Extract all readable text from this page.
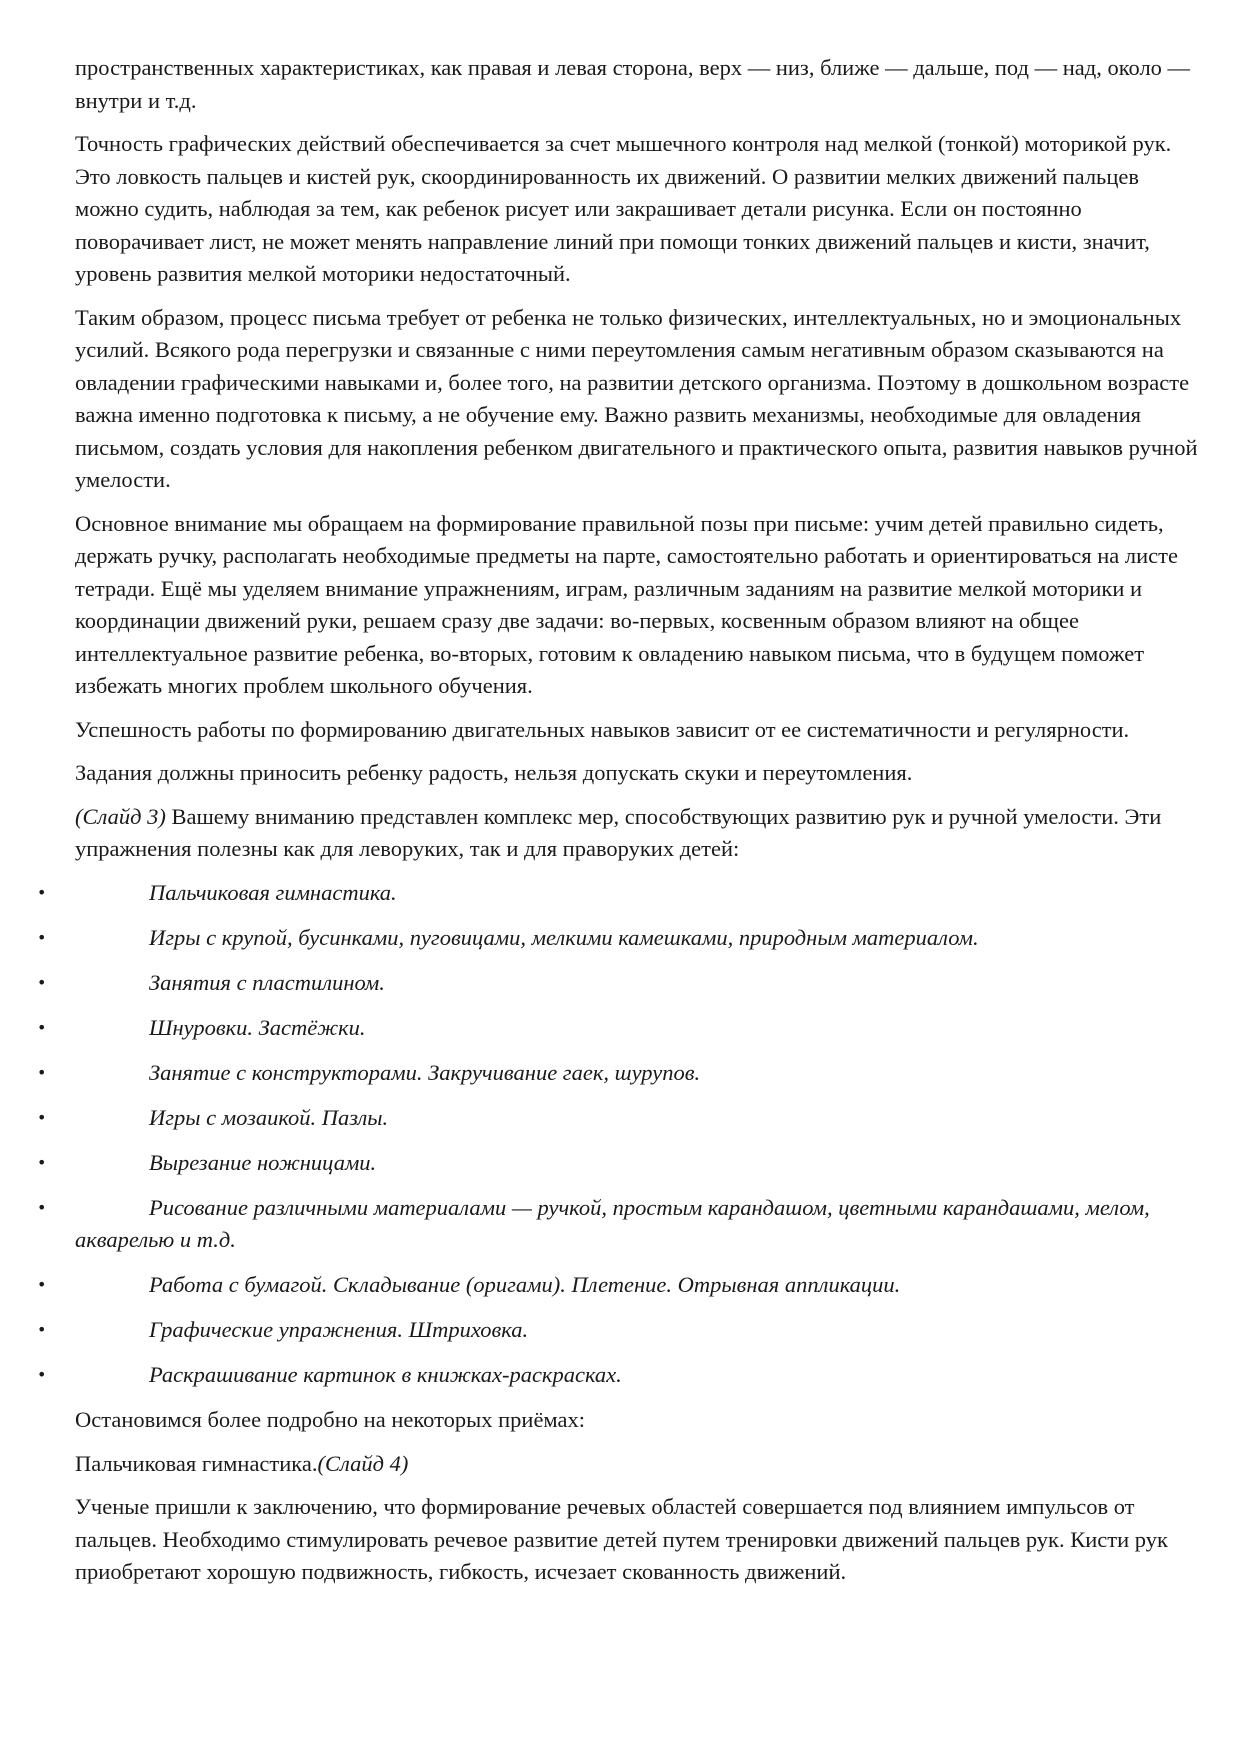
пространственных характеристиках, как правая и левая сторона, верх — низ, ближе — дальше, под — над, около — внутри и т.д.

Точность графических действий обеспечивается за счет мышечного контроля над мелкой (тонкой) моторикой рук. Это ловкость пальцев и кистей рук, скоординированность их движений. О развитии мелких движений пальцев можно судить, наблюдая за тем, как ребенок рисует или закрашивает детали рисунка. Если он постоянно поворачивает лист, не может менять направление линий при помощи тонких движений пальцев и кисти, значит, уровень развития мелкой моторики недостаточный.

Таким образом, процесс письма требует от ребенка не только физических, интеллектуальных, но и эмоциональных усилий. Всякого рода перегрузки и связанные с ними переутомления самым негативным образом сказываются на овладении графическими навыками и, более того, на развитии детского организма. Поэтому в дошкольном возрасте важна именно подготовка к письму, а не обучение ему. Важно развить механизмы, необходимые для овладения письмом, создать условия для накопления ребенком двигательного и практического опыта, развития навыков ручной умелости.

Основное внимание мы обращаем на формирование правильной позы при письме: учим детей правильно сидеть, держать ручку, располагать необходимые предметы на парте, самостоятельно работать и ориентироваться на листе тетради. Ещё мы уделяем внимание упражнениям, играм, различным заданиям на развитие мелкой моторики и координации движений руки, решаем сразу две задачи: во-первых, косвенным образом влияют на общее интеллектуальное развитие ребенка, во-вторых, готовим к овладению навыком письма, что в будущем поможет избежать многих проблем школьного обучения.

Успешность работы по формированию двигательных навыков зависит от ее систематичности и регулярности.

Задания должны приносить ребенку радость, нельзя допускать скуки и переутомления.

(Слайд 3) Вашему вниманию представлен комплекс мер, способствующих развитию рук и ручной умелости. Эти упражнения полезны как для леворуких, так и для праворуких детей:

•	Пальчиковая гимнастика.
•	Игры с крупой, бусинками, пуговицами, мелкими камешками, природным материалом.
•	Занятия с пластилином.
•	Шнуровки. Застёжки.
•	Занятие с конструкторами. Закручивание гаек, шурупов.
•	Игры с мозаикой. Пазлы.
•	Вырезание ножницами.
•	Рисование различными материалами — ручкой, простым карандашом, цветными карандашами, мелом, акварелью и т.д.
•	Работа с бумагой. Складывание (оригами). Плетение. Отрывная аппликации.
•	Графические упражнения. Штриховка.
•	Раскрашивание картинок в книжках-раскрасках.

Остановимся более подробно на некоторых приёмах:

Пальчиковая гимнастика.(Слайд 4)

Ученые пришли к заключению, что формирование речевых областей совершается под влиянием импульсов от пальцев. Необходимо стимулировать речевое развитие детей путем тренировки движений пальцев рук. Кисти рук приобретают хорошую подвижность, гибкость, исчезает скованность движений.
